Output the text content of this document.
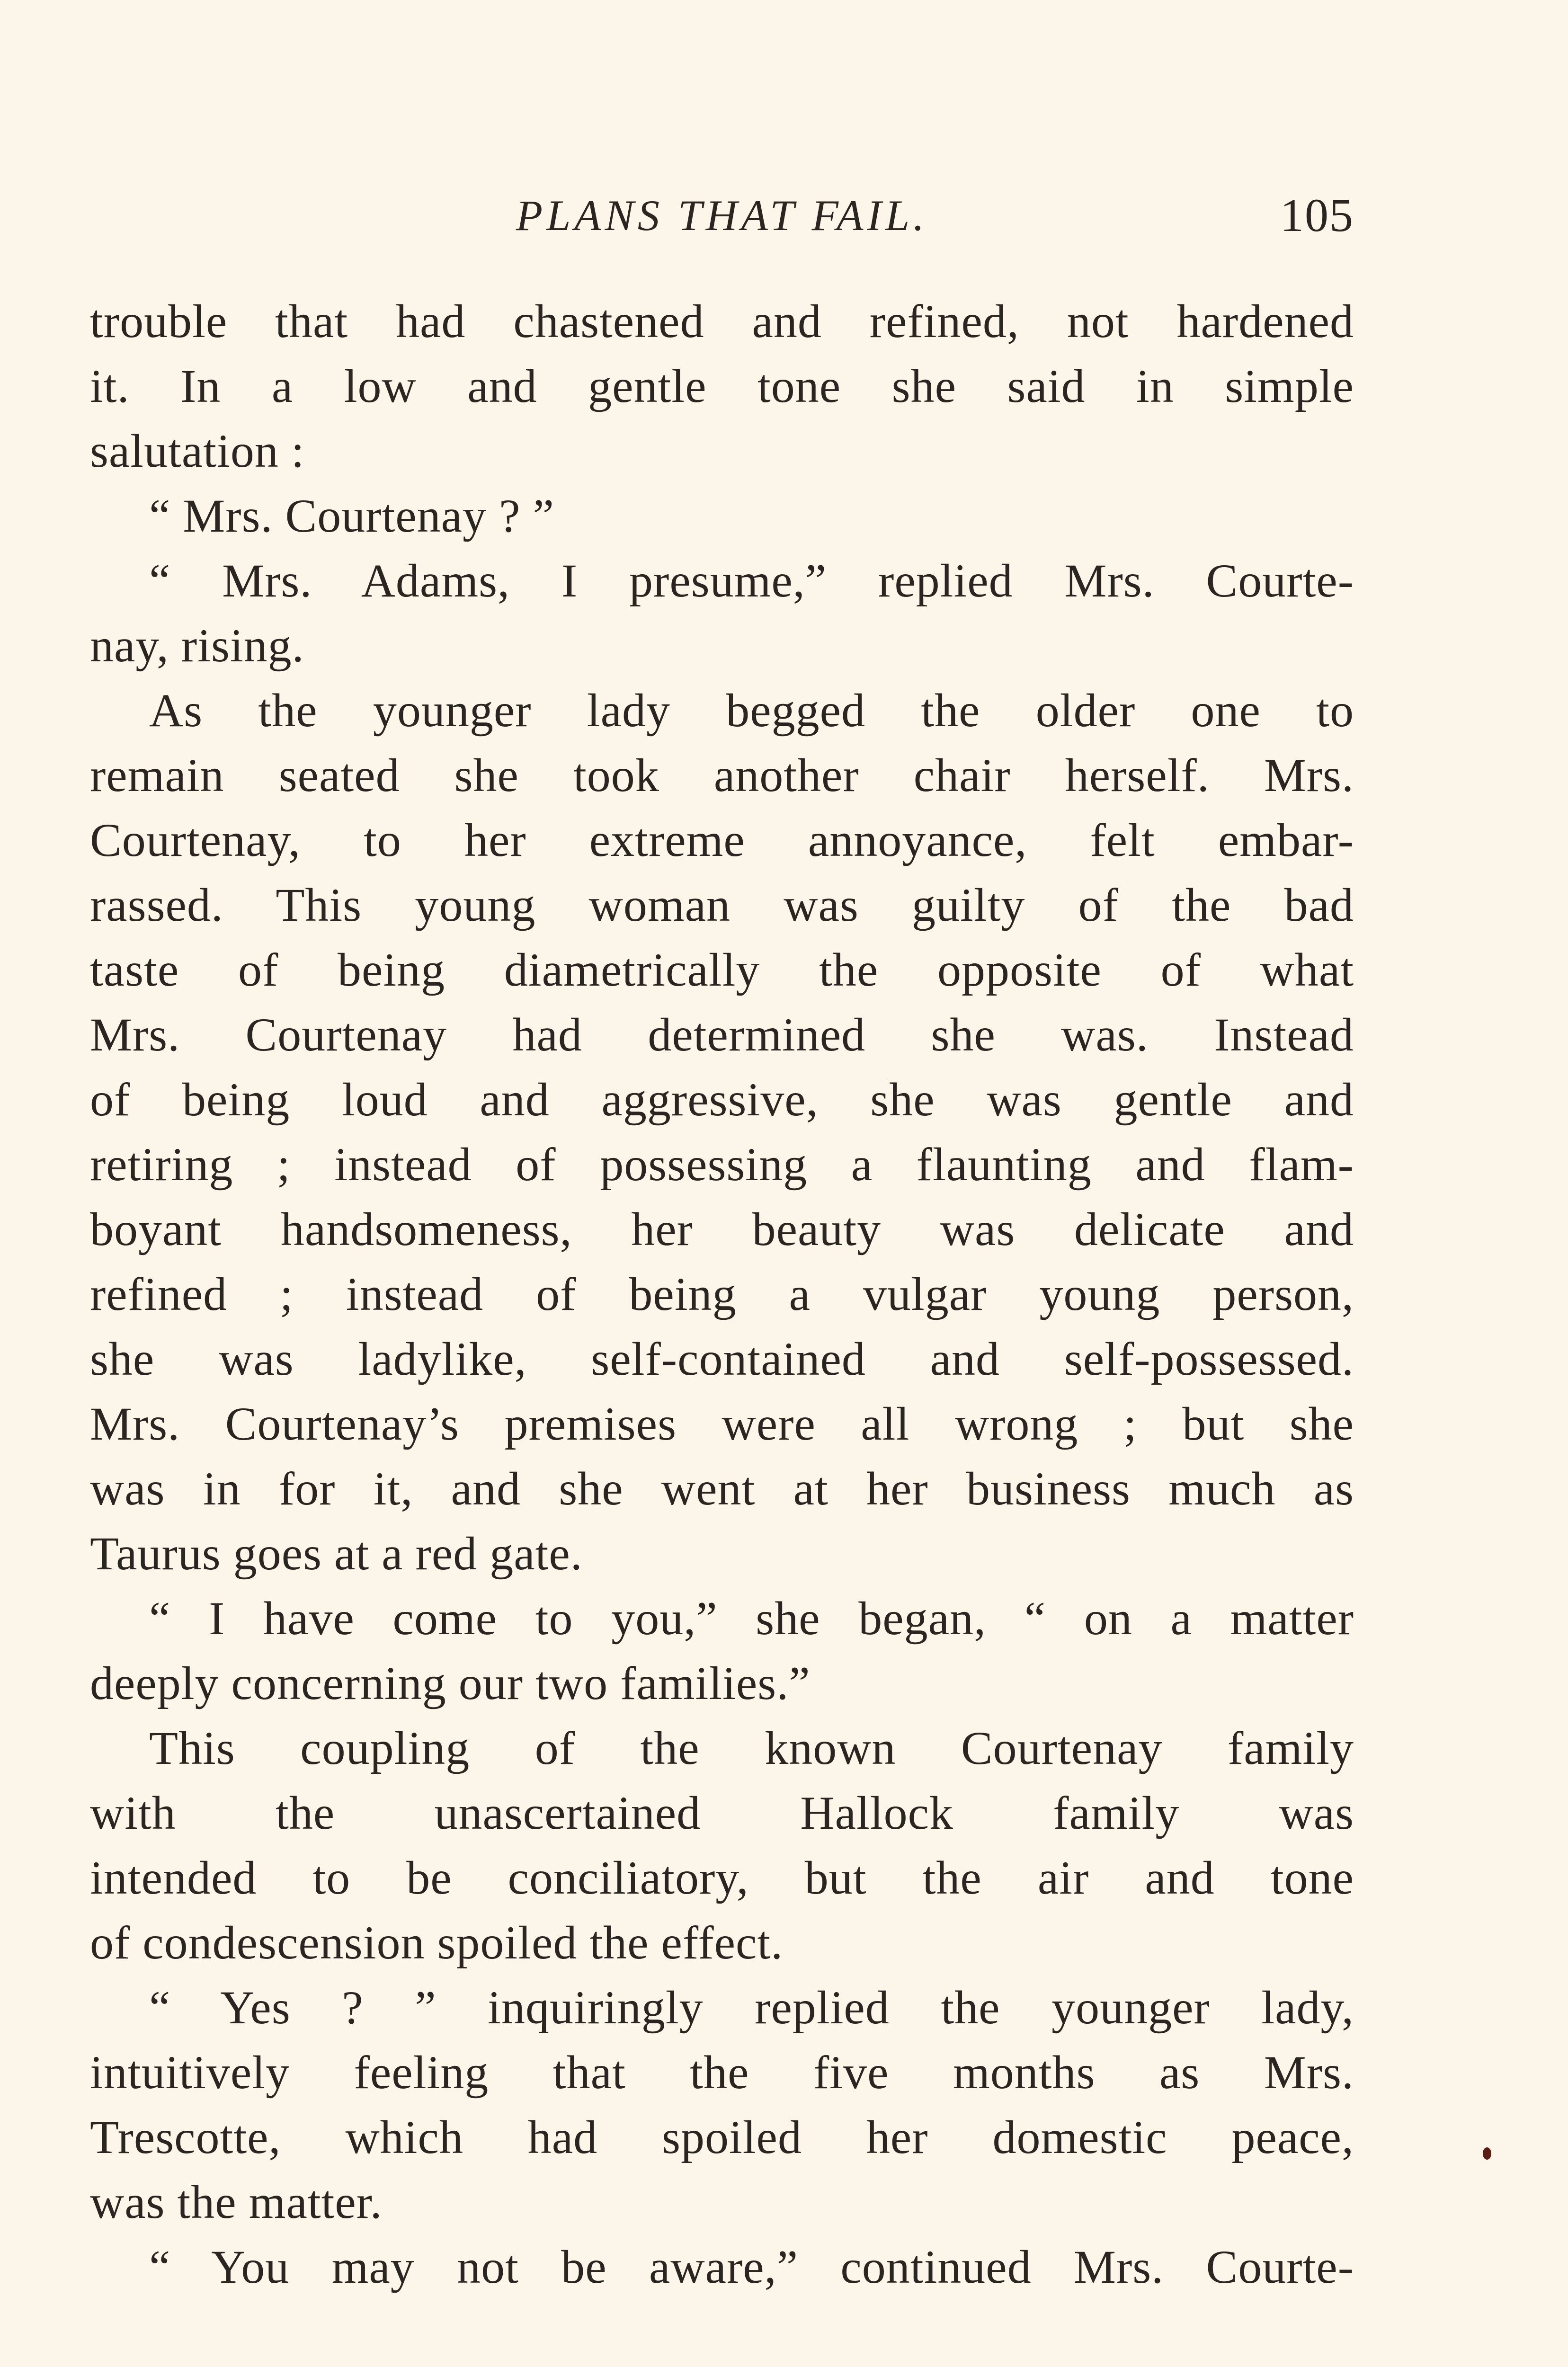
PLANS THAT FAIL.	105
trouble that had chastened and refined, not hardened
it. In a low and gentle tone she said in simple
salutation :
“ Mrs. Courtenay ? ”
“ Mrs. Adams, I presume,” replied Mrs. Courte-
nay, rising.
As the younger lady begged the older one to
remain seated she took another chair herself. Mrs.
Courtenay, to her extreme annoyance, felt embar-
rassed. This young woman was guilty of the bad
taste of being diametrically the opposite of what
Mrs. Courtenay had determined she was. Instead
of being loud and aggressive, she was gentle and
retiring ; instead of possessing a flaunting and flam-
boyant handsomeness, her beauty was delicate and
refined ; instead of being a vulgar young person,
she was ladylike, self-contained and self-possessed.
Mrs. Courtenay’s premises were all wrong ; but she
was in for it, and she went at her business much as
Taurus goes at a red gate.
“ I have come to you,” she began, “ on a matter
deeply concerning our two families.”
This coupling of the known Courtenay family
with the unascertained Hallock family was
intended to be conciliatory, but the air and tone
of condescension spoiled the effect.
“ Yes ? ” inquiringly replied the younger lady,
intuitively feeling that the five months as Mrs.
Trescotte, which had spoiled her domestic peace,
was the matter.
“ You may not be aware,” continued Mrs. Courte-
